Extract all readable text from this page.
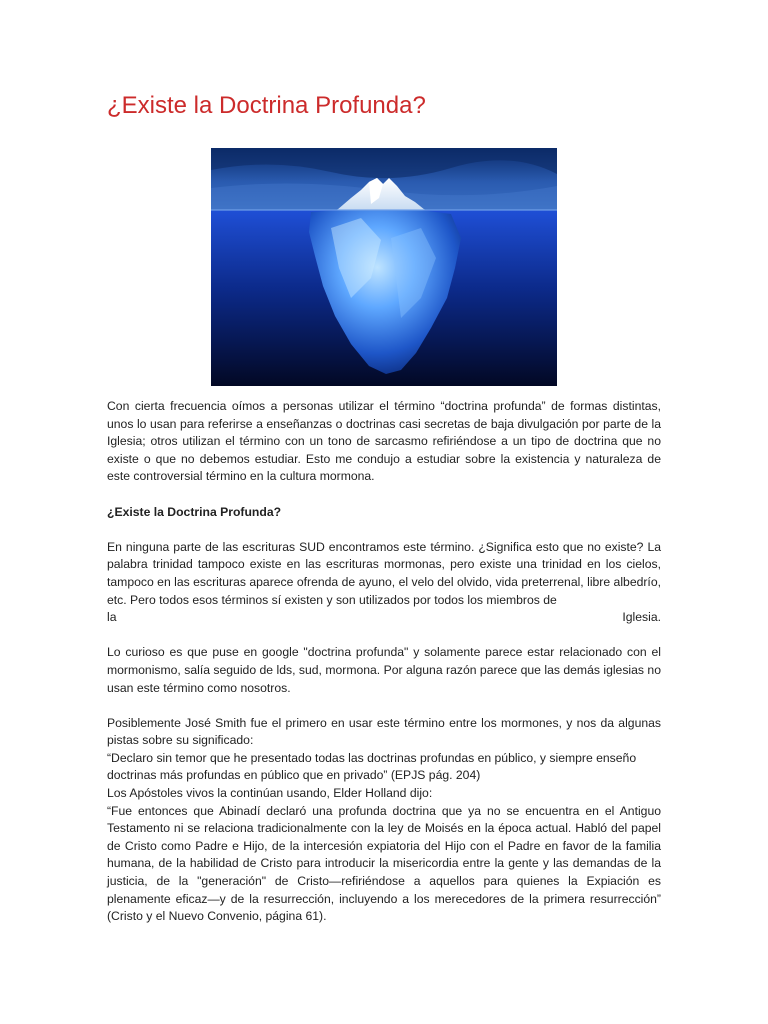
¿Existe la Doctrina Profunda?

Con cierta frecuencia oímos a personas utilizar el término “doctrina profunda” de formas distintas, unos lo usan para referirse a enseñanzas o doctrinas casi secretas de baja divulgación por parte de la Iglesia; otros utilizan el término con un tono de sarcasmo refiriéndose a un tipo de doctrina que no existe o que no debemos estudiar. Esto me condujo a estudiar sobre la existencia y naturaleza de este controversial término en la cultura mormona.

¿Existe la Doctrina Profunda?

En ninguna parte de las escrituras SUD encontramos este término. ¿Significa esto que no existe? La palabra trinidad tampoco existe en las escrituras mormonas, pero existe una trinidad en los cielos, tampoco en las escrituras aparece ofrenda de ayuno, el velo del olvido, vida preterrenal, libre albedrío, etc. Pero todos esos términos sí existen y son utilizados por todos los miembros de

la	Iglesia.

Lo curioso es que puse en google "doctrina profunda" y solamente parece estar relacionado con el mormonismo, salía seguido de lds, sud, mormona. Por alguna razón parece que las demás iglesias no usan este término como nosotros.

Posiblemente José Smith fue el primero en usar este término entre los mormones, y nos da algunas pistas sobre su significado:

“Declaro sin temor que he presentado todas las doctrinas profundas en público, y siempre enseño doctrinas más profundas en público que en privado” (EPJS pág. 204)

Los Apóstoles vivos la continúan usando, Elder Holland dijo:

“Fue entonces que Abinadí declaró una profunda doctrina que ya no se encuentra en el Antiguo Testamento ni se relaciona tradicionalmente con la ley de Moisés en la época actual. Habló del papel de Cristo como Padre e Hijo, de la intercesión expiatoria del Hijo con el Padre en favor de la familia humana, de la habilidad de Cristo para introducir la misericordia entre la gente y las demandas de la justicia, de la "generación" de Cristo—refiriéndose a aquellos para quienes la Expiación es plenamente eficaz—y de la resurrección, incluyendo a los merecedores de la primera resurrección” (Cristo y el Nuevo Convenio, página 61).
